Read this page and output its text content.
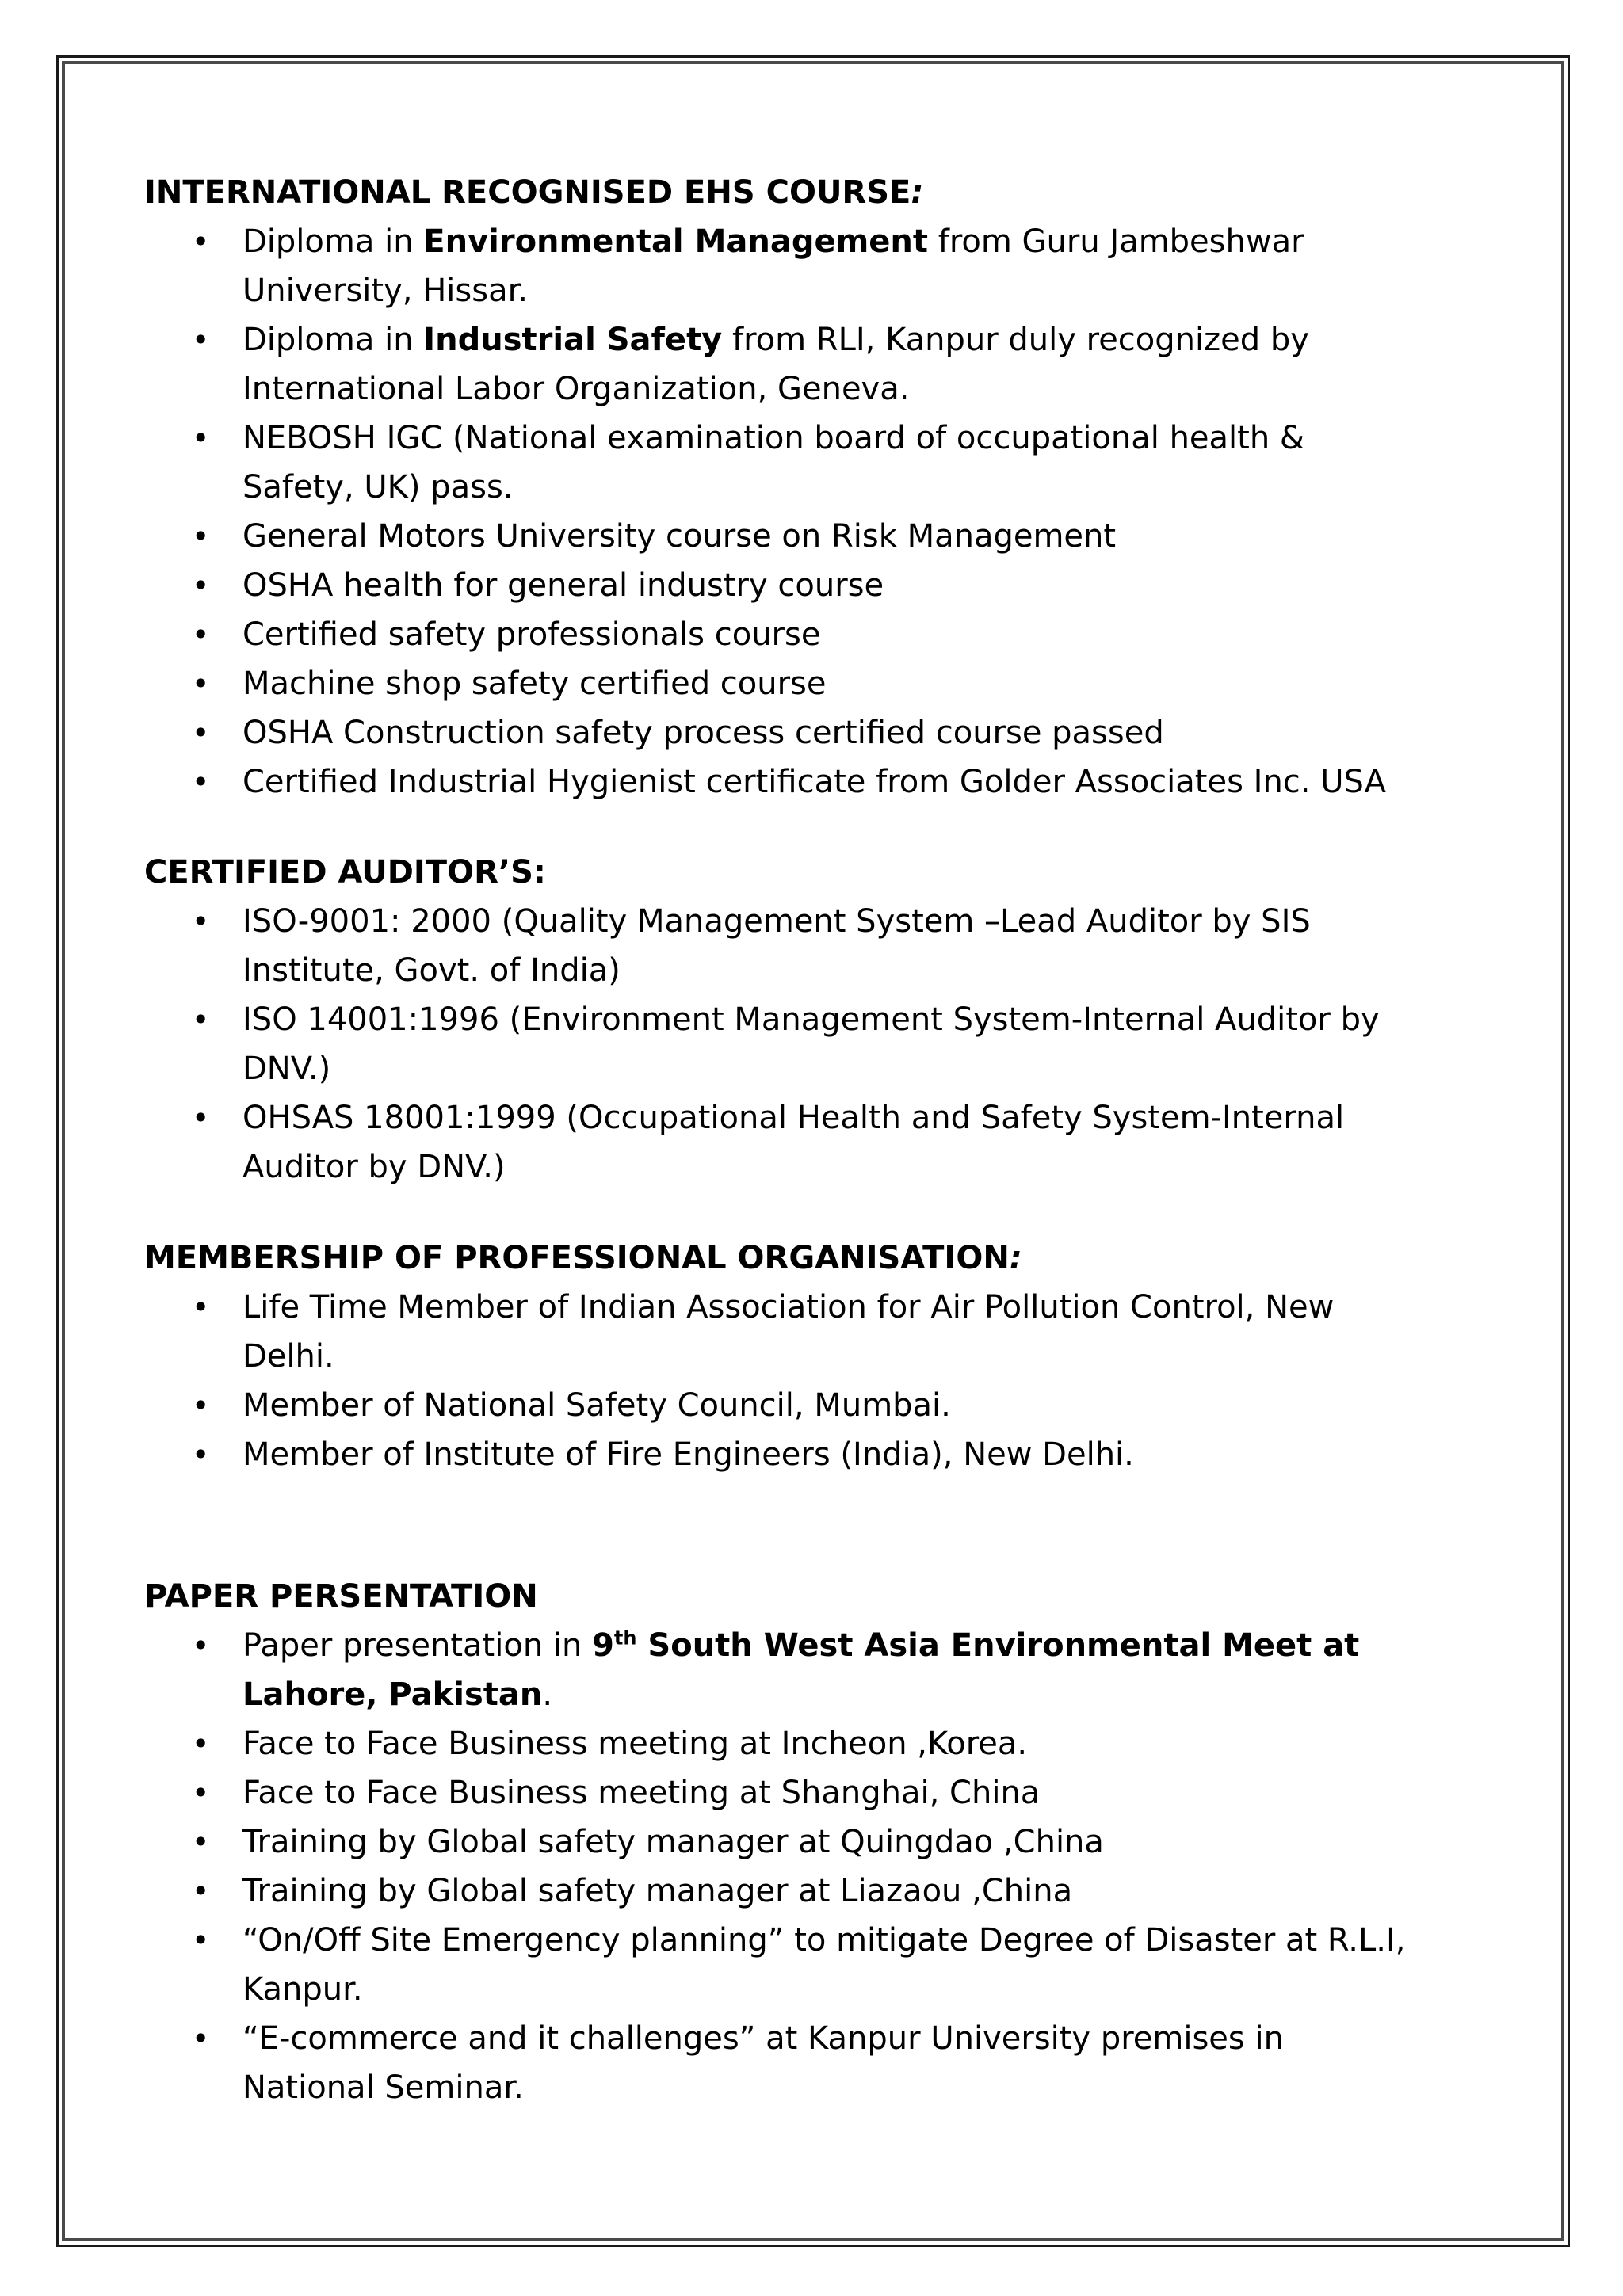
INTERNATIONAL RECOGNISED EHS COURSE:
• Diploma in Environmental Management from Guru Jambeshwar University, Hissar.
• Diploma in Industrial Safety from RLI, Kanpur duly recognized by International Labor Organization, Geneva.
• NEBOSH IGC (National examination board of occupational health & Safety, UK) pass.
• General Motors University course on Risk Management
• OSHA health for general industry course
• Certified safety professionals course
• Machine shop safety certified course
• OSHA Construction safety process certified course passed
• Certified Industrial Hygienist certificate from Golder Associates Inc. USA
CERTIFIED AUDITOR’S:
• ISO-9001: 2000 (Quality Management System –Lead Auditor by SIS Institute, Govt. of India)
• ISO 14001:1996 (Environment Management System-Internal Auditor by DNV.)
• OHSAS 18001:1999 (Occupational Health and Safety System-Internal Auditor by DNV.)
MEMBERSHIP OF PROFESSIONAL ORGANISATION:
• Life Time Member of Indian Association for Air Pollution Control, New Delhi.
• Member of National Safety Council, Mumbai.
• Member of Institute of Fire Engineers (India), New Delhi.
PAPER PERSENTATION
• Paper presentation in 9th South West Asia Environmental Meet at Lahore, Pakistan.
• Face to Face Business meeting at Incheon ,Korea.
• Face to Face Business meeting at Shanghai, China
• Training by Global safety manager at Quingdao ,China
• Training by Global safety manager at Liazaou ,China
• “On/Off Site Emergency planning” to mitigate Degree of Disaster at R.L.I, Kanpur.
• “E-commerce and it challenges” at Kanpur University premises in National Seminar.
